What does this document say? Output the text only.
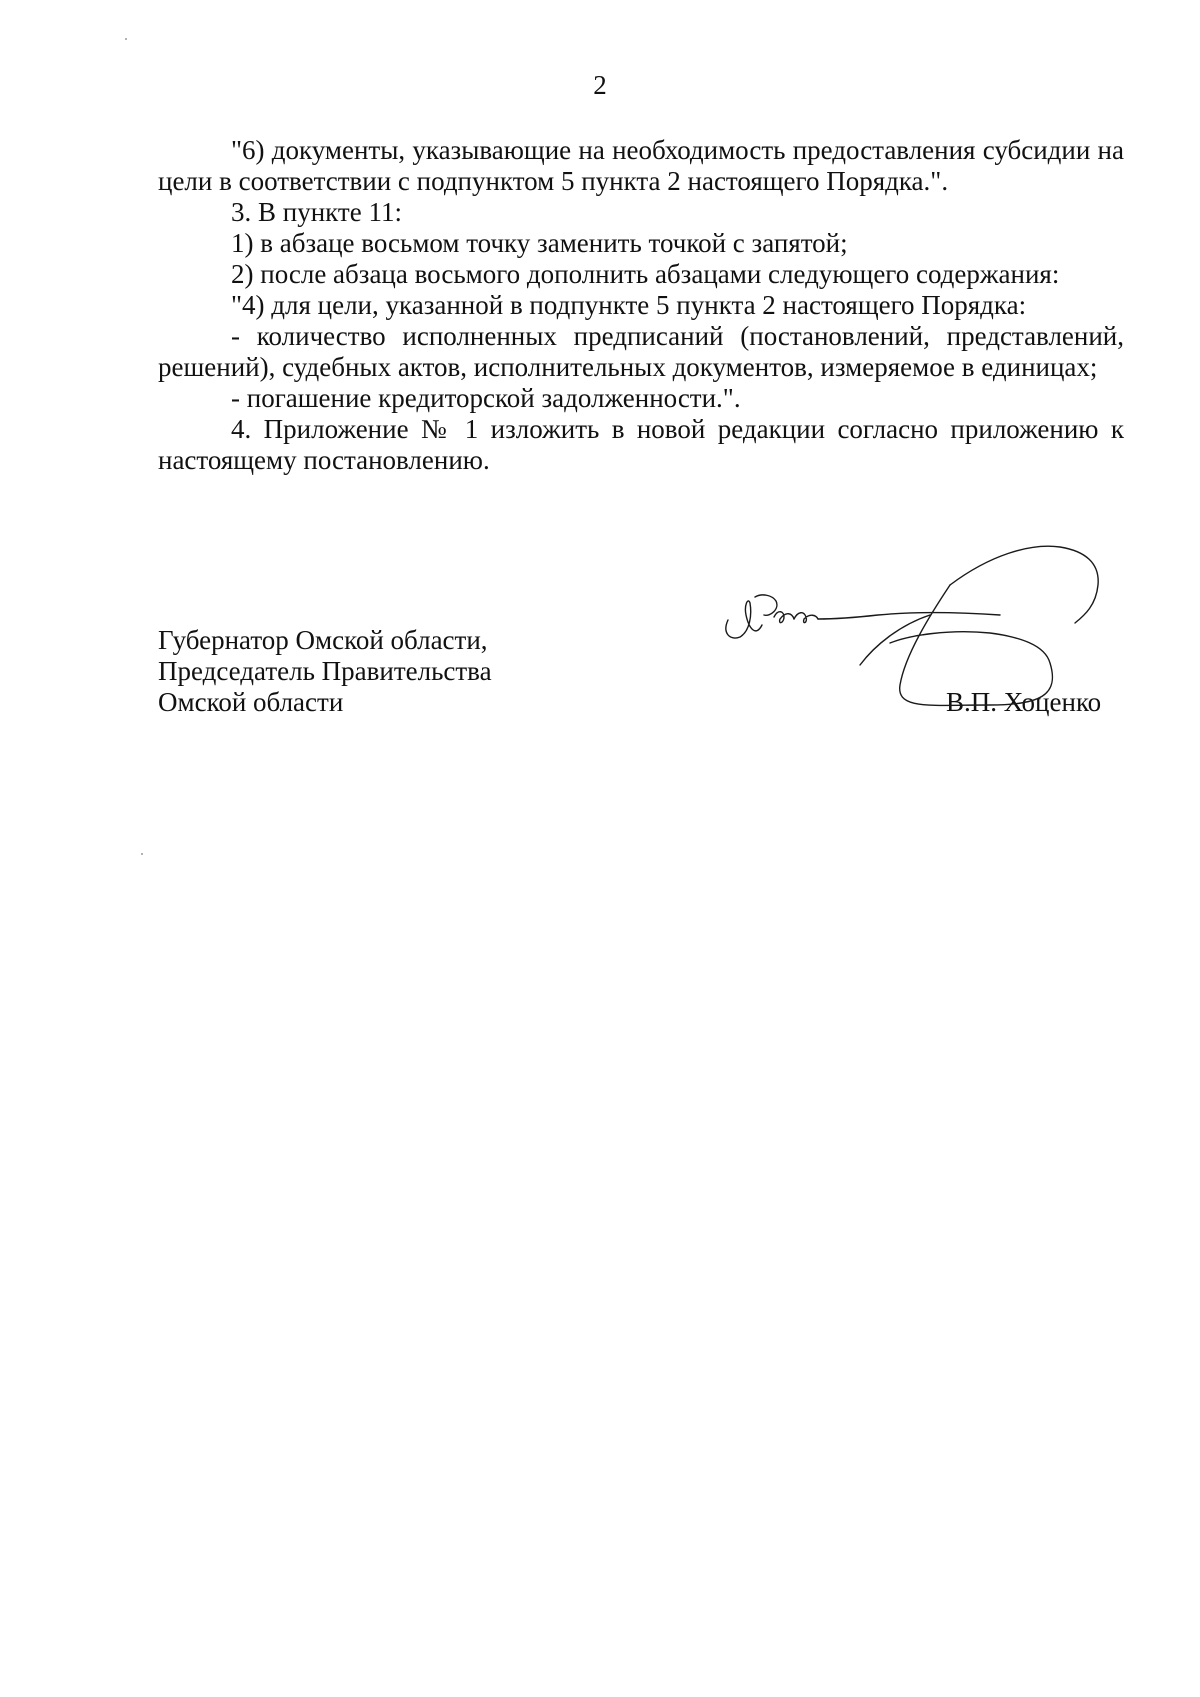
2

"6) документы, указывающие на необходимость предоставления субсидии на цели в соответствии с подпунктом 5 пункта 2 настоящего Порядка.".

3. В пункте 11:

1) в абзаце восьмом точку заменить точкой с запятой;

2) после абзаца восьмого дополнить абзацами следующего содержания:

"4) для цели, указанной в подпункте 5 пункта 2 настоящего Порядка:

- количество исполненных предписаний (постановлений, представлений, решений), судебных актов, исполнительных документов, измеряемое в единицах;

- погашение кредиторской задолженности.".

4. Приложение № 1 изложить в новой редакции согласно приложению к настоящему постановлению.

Губернатор Омской области,
Председатель Правительства
Омской области	В.П. Хоценко
